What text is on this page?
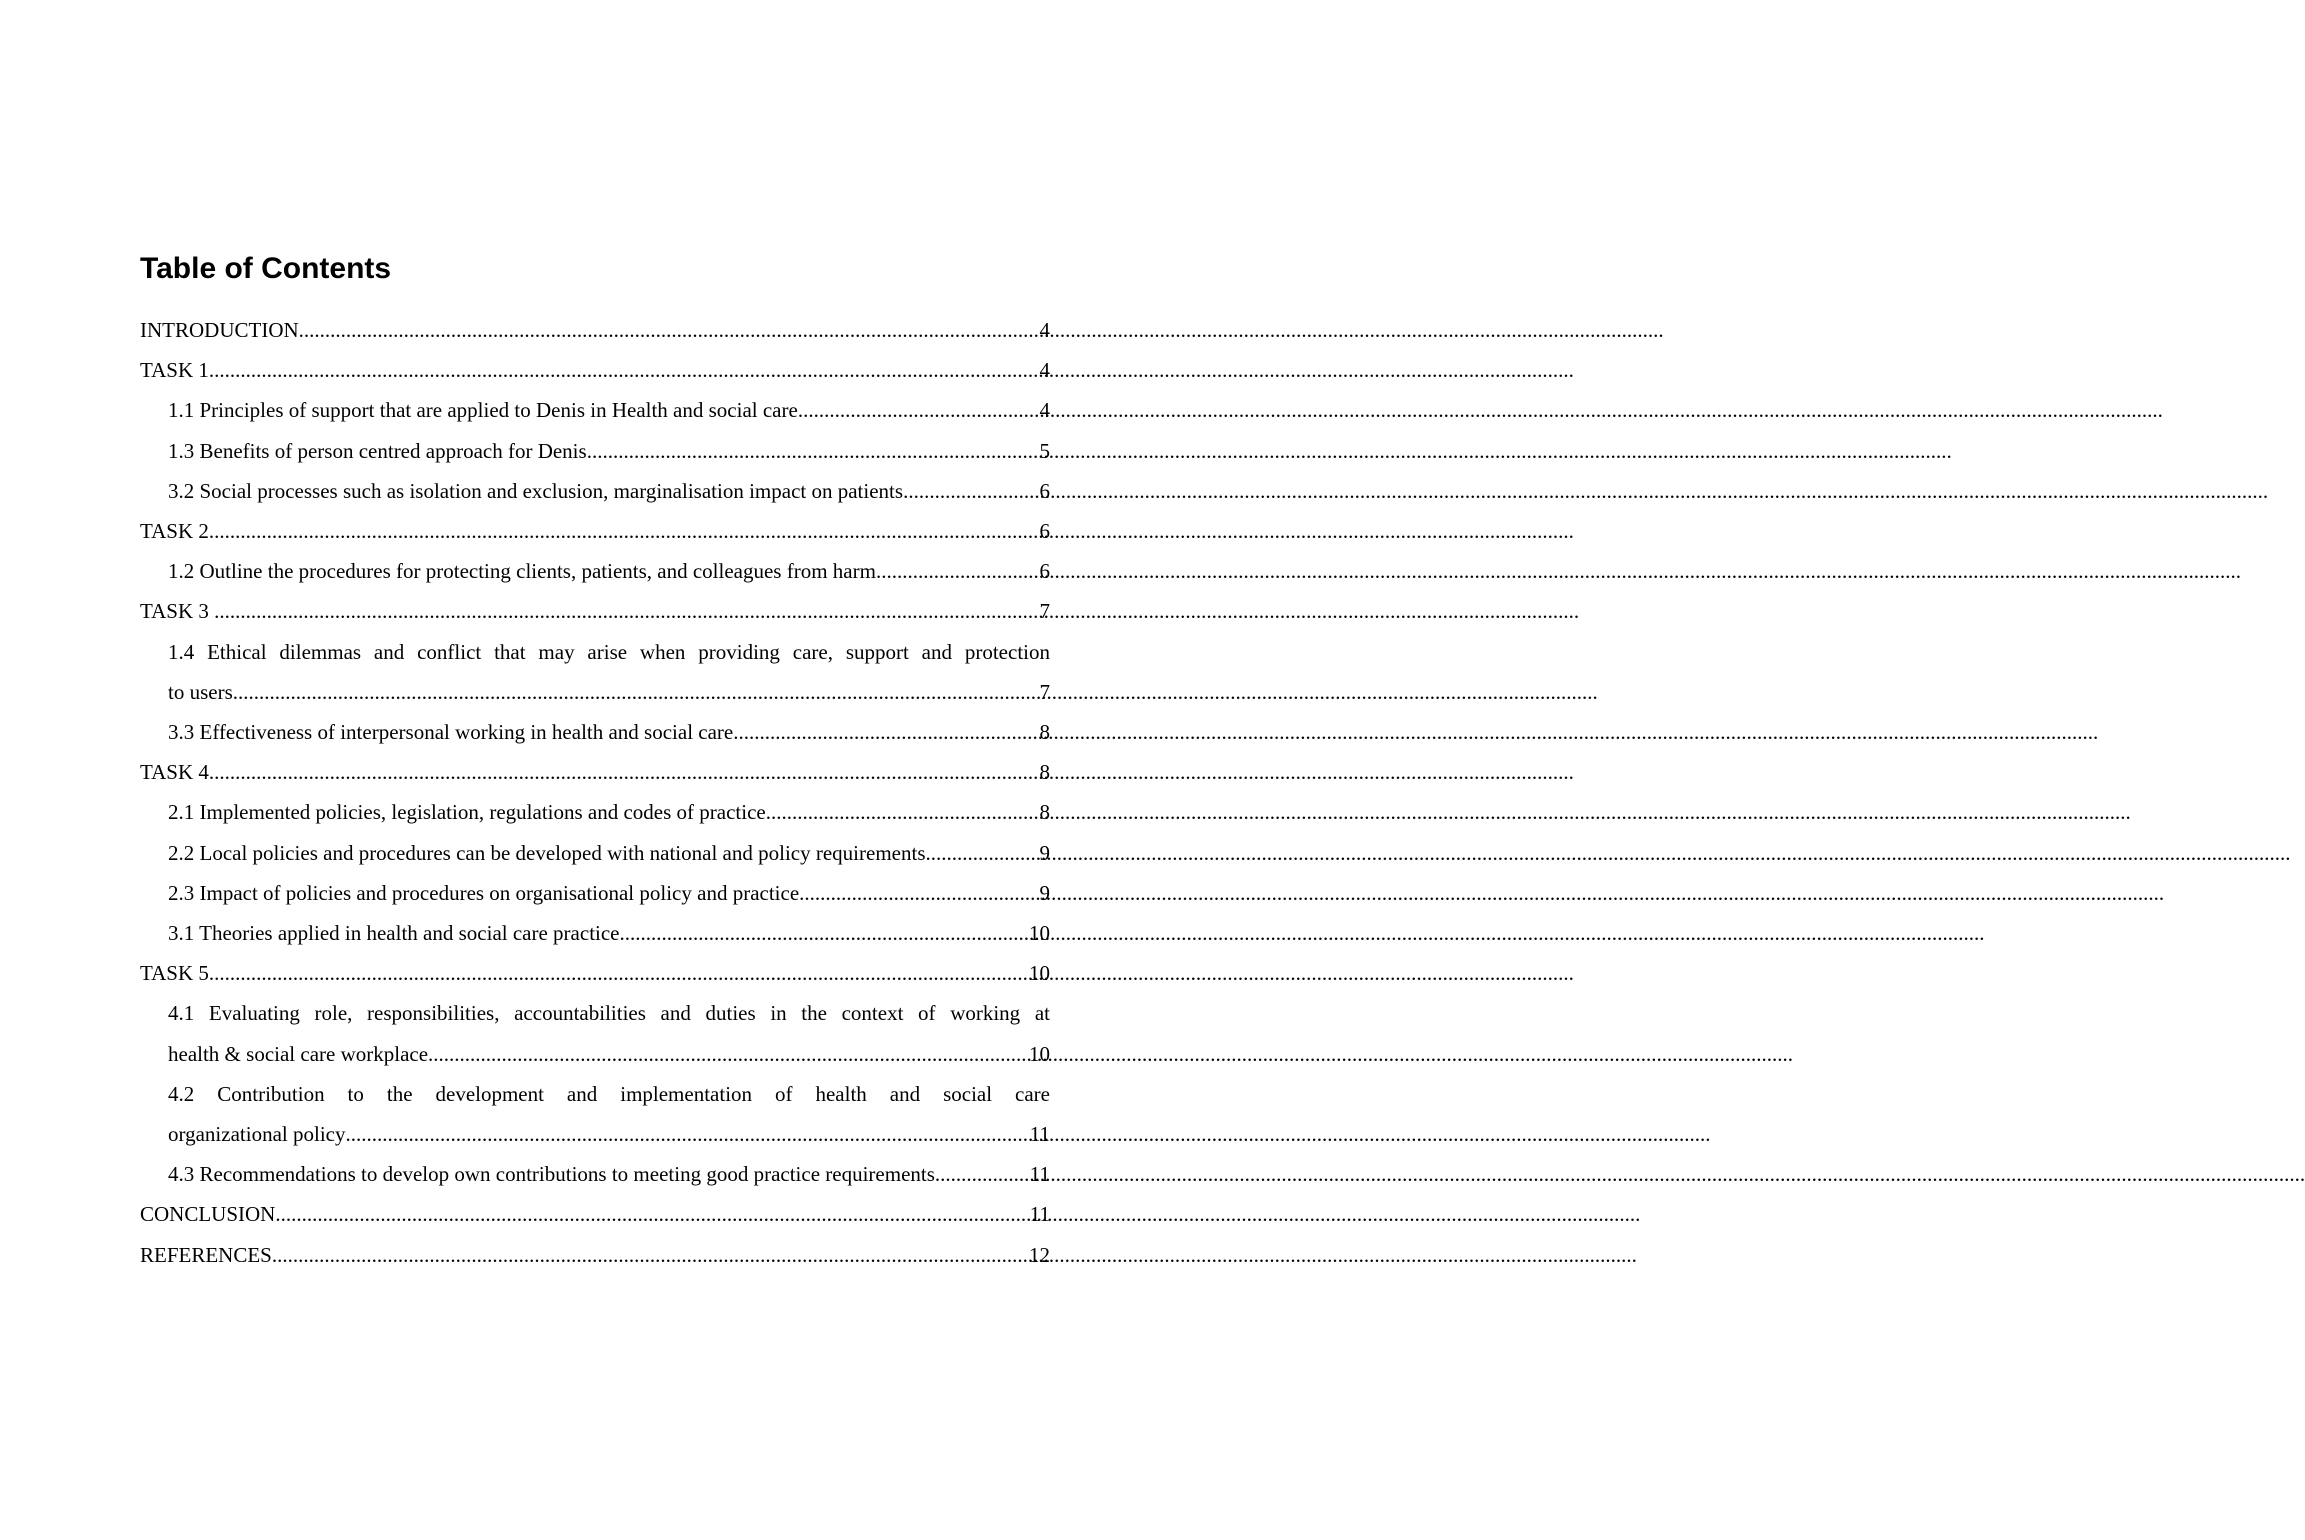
Table of Contents
INTRODUCTION .....	4
TASK 1 .....	4
1.1 Principles of support that are applied to Denis in Health and social care .....	4
1.3 Benefits of person centred approach for Denis .....	5
3.2 Social processes such as isolation and exclusion, marginalisation impact on patients .....	6
TASK 2 .....	6
1.2 Outline the procedures for protecting clients, patients, and colleagues from harm .....	6
TASK 3 .....	7
1.4 Ethical dilemmas and conflict that may arise when providing care, support and protection
to users .....	7
3.3 Effectiveness of interpersonal working in health and social care .....	8
TASK 4 .....	8
2.1 Implemented policies, legislation, regulations and codes of practice .....	8
2.2 Local policies and procedures can be developed with national and policy requirements .....	9
2.3 Impact of policies and procedures on organisational policy and practice .....	9
3.1 Theories applied in health and social care practice .....	10
TASK 5 .....	10
4.1 Evaluating role, responsibilities, accountabilities and duties in the context of working at
health & social care workplace .....	10
4.2 Contribution to the development and implementation of health and social care
organizational policy .....	11
4.3 Recommendations to develop own contributions to meeting good practice requirements. .....	11
CONCLUSION .....	11
REFERENCES .....	12
